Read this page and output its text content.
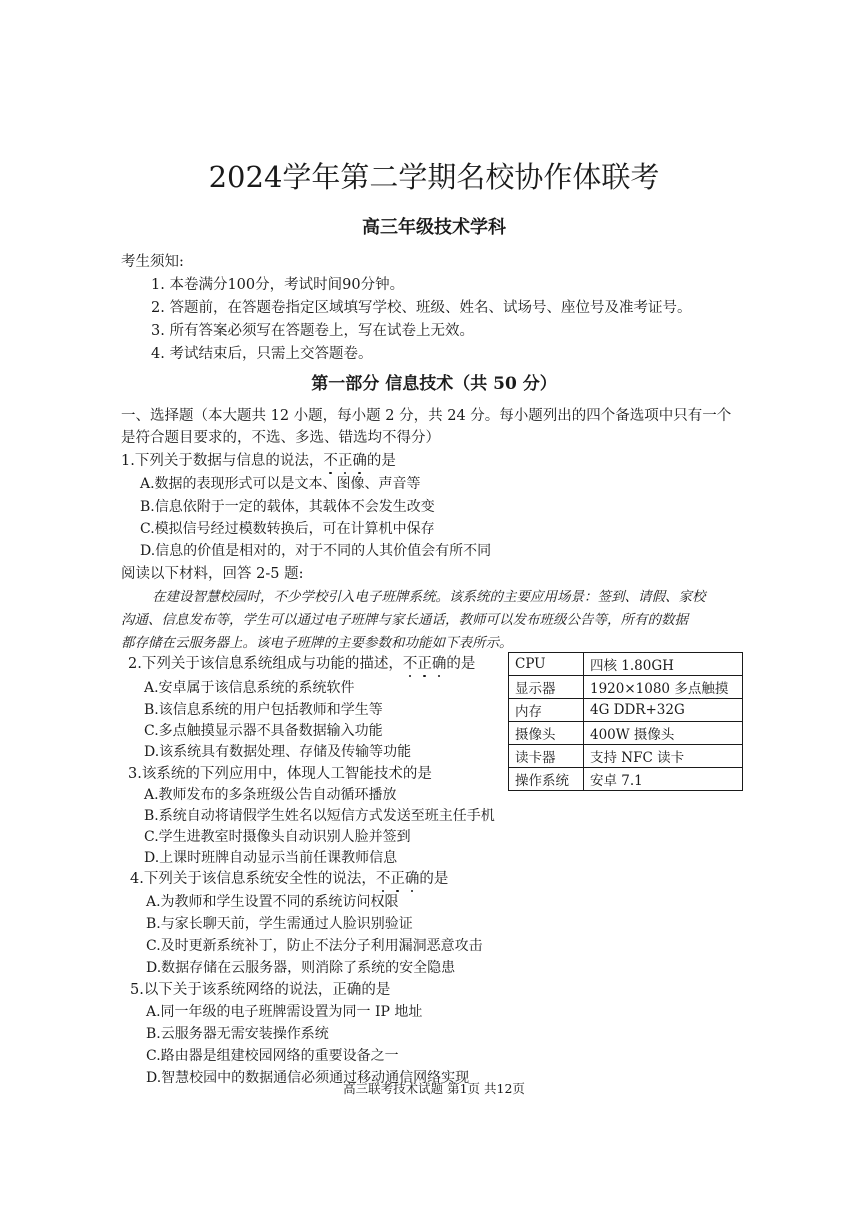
2024学年第二学期名校协作体联考
高三年级技术学科
考生须知:
1. 本卷满分100分，考试时间90分钟。
2. 答题前，在答题卷指定区域填写学校、班级、姓名、试场号、座位号及准考证号。
3. 所有答案必须写在答题卷上，写在试卷上无效。
4. 考试结束后，只需上交答题卷。
第一部分 信息技术（共 50 分）
一、选择题（本大题共 12 小题，每小题 2 分，共 24 分。每小题列出的四个备选项中只有一个
是符合题目要求的，不选、多选、错选均不得分）
1.下列关于数据与信息的说法，不正确的是
A.数据的表现形式可以是文本、图像、声音等
B.信息依附于一定的载体，其载体不会发生改变
C.模拟信号经过模数转换后，可在计算机中保存
D.信息的价值是相对的，对于不同的人其价值会有所不同
阅读以下材料，回答 2-5 题:
在建设智慧校园时，不少学校引入电子班牌系统。该系统的主要应用场景：签到、请假、家校
沟通、信息发布等，学生可以通过电子班牌与家长通话，教师可以发布班级公告等，所有的数据
都存储在云服务器上。该电子班牌的主要参数和功能如下表所示。
2.下列关于该信息系统组成与功能的描述，不正确的是
A.安卓属于该信息系统的系统软件
B.该信息系统的用户包括教师和学生等
C.多点触摸显示器不具备数据输入功能
D.该系统具有数据处理、存储及传输等功能
CPU	四核 1.80GH
显示器	1920×1080 多点触摸
内存	4G DDR+32G
摄像头	400W 摄像头
读卡器	支持 NFC 读卡
操作系统	安卓 7.1
3.该系统的下列应用中，体现人工智能技术的是
A.教师发布的多条班级公告自动循环播放
B.系统自动将请假学生姓名以短信方式发送至班主任手机
C.学生进教室时摄像头自动识别人脸并签到
D.上课时班牌自动显示当前任课教师信息
4.下列关于该信息系统安全性的说法，不正确的是
A.为教师和学生设置不同的系统访问权限
B.与家长聊天前，学生需通过人脸识别验证
C.及时更新系统补丁，防止不法分子利用漏洞恶意攻击
D.数据存储在云服务器，则消除了系统的安全隐患
5.以下关于该系统网络的说法，正确的是
A.同一年级的电子班牌需设置为同一 IP 地址
B.云服务器无需安装操作系统
C.路由器是组建校园网络的重要设备之一
D.智慧校园中的数据通信必须通过移动通信网络实现
高三联考技术试题 第1页 共12页
